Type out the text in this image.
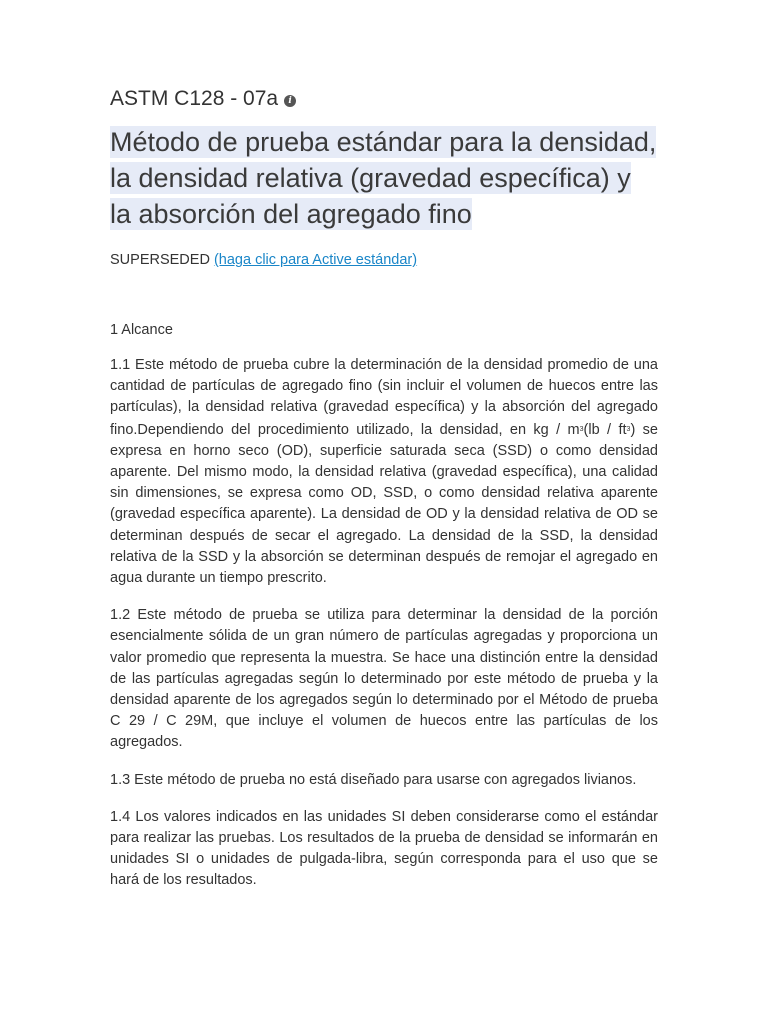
ASTM C128 - 07a	i
Método de prueba estándar para la densidad, la densidad relativa (gravedad específica) y la absorción del agregado fino

SUPERSEDED (haga clic para Active estándar)

1 Alcance

1.1 Este método de prueba cubre la determinación de la densidad promedio de una cantidad de partículas de agregado fino (sin incluir el volumen de huecos entre las partículas), la densidad relativa (gravedad específica) y la absorción del agregado fino.Dependiendo del procedimiento utilizado, la densidad, en kg / $m^3(lb / ft^3)$ se expresa en horno seco (OD), superficie saturada seca (SSD) o como densidad aparente. Del mismo modo, la densidad relativa (gravedad específica), una calidad sin dimensiones, se expresa como OD, SSD, o como densidad relativa aparente (gravedad específica aparente). La densidad de OD y la densidad relativa de OD se determinan después de secar el agregado. La densidad de la SSD, la densidad relativa de la SSD y la absorción se determinan después de remojar el agregado en agua durante un tiempo prescrito.

1.2 Este método de prueba se utiliza para determinar la densidad de la porción esencialmente sólida de un gran número de partículas agregadas y proporciona un valor promedio que representa la muestra. Se hace una distinción entre la densidad de las partículas agregadas según lo determinado por este método de prueba y la densidad aparente de los agregados según lo determinado por el Método de prueba C 29 / C 29M, que incluye el volumen de huecos entre las partículas de los agregados.

1.3 Este método de prueba no está diseñado para usarse con agregados livianos.

1.4 Los valores indicados en las unidades SI deben considerarse como el estándar para realizar las pruebas. Los resultados de la prueba de densidad se informarán en unidades SI o unidades de pulgada-libra, según corresponda para el uso que se hará de los resultados.
